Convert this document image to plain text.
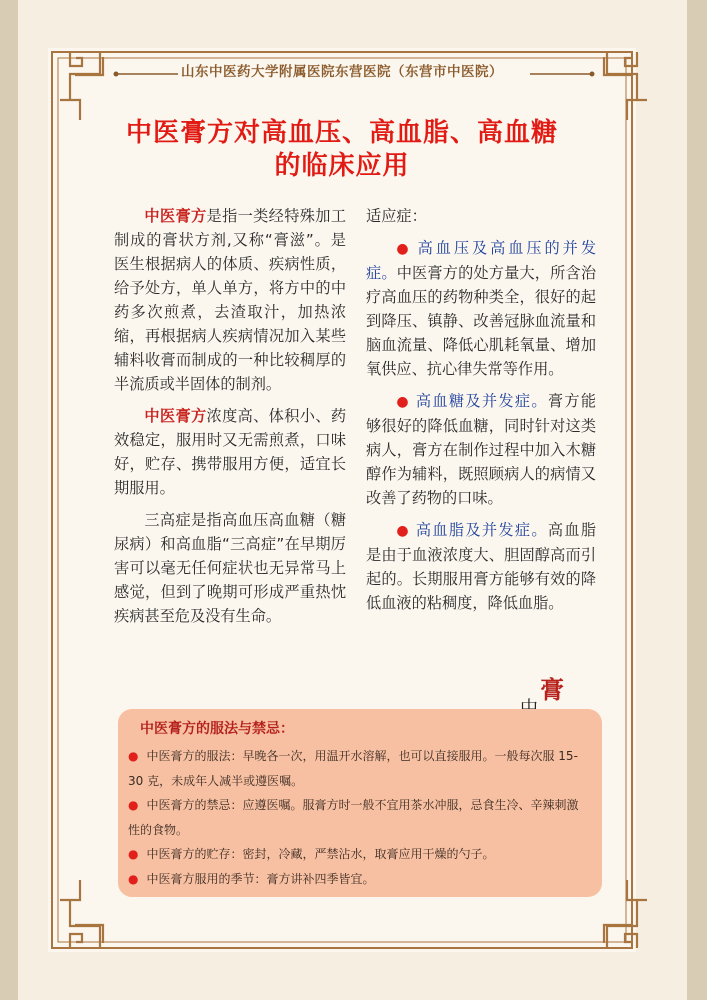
山东中医药大学附属医院东营医院（东营市中医院）
中医膏方对高血压、高血脂、高血糖
的临床应用

中医膏方是指一类经特殊加工制成的膏状方剂,又称“膏滋”。是医生根据病人的体质、疾病性质，给予处方，单人单方，将方中的中药多次煎煮，去渣取汁，加热浓缩，再根据病人疾病情况加入某些辅料收膏而制成的一种比较稠厚的半流质或半固体的制剂。

中医膏方浓度高、体积小、药效稳定，服用时又无需煎煮，口味好，贮存、携带服用方便，适宜长期服用。

三高症是指高血压高血糖（糖尿病）和高血脂“三高症”在早期厉害可以毫无任何症状也无异常马上感觉，但到了晚期可形成严重热忱疾病甚至危及没有生命。

适应症：

● 高血压及高血压的并发症。中医膏方的处方量大，所含治疗高血压的药物种类全，很好的起到降压、镇静、改善冠脉血流量和脑血流量、降低心肌耗氧量、增加氧供应、抗心律失常等作用。

● 高血糖及并发症。膏方能够很好的降低血糖，同时针对这类病人，膏方在制作过程中加入木糖醇作为辅料，既照顾病人的病情又改善了药物的口味。

● 高血脂及并发症。高血脂是由于血液浓度大、胆固醇高而引起的。长期服用膏方能够有效的降低血液的粘稠度，降低血脂。

膏
中医膏方的服法与禁忌：

● 中医膏方的服法：早晚各一次，用温开水溶解，也可以直接服用。一般每次服 15-30 克，未成年人减半或遵医嘱。

● 中医膏方的禁忌：应遵医嘱。服膏方时一般不宜用茶水冲服，忌食生冷、辛辣刺激性的食物。

● 中医膏方的贮存：密封，冷藏，严禁沾水，取膏应用干燥的勺子。

● 中医膏方服用的季节：膏方讲补四季皆宜。
